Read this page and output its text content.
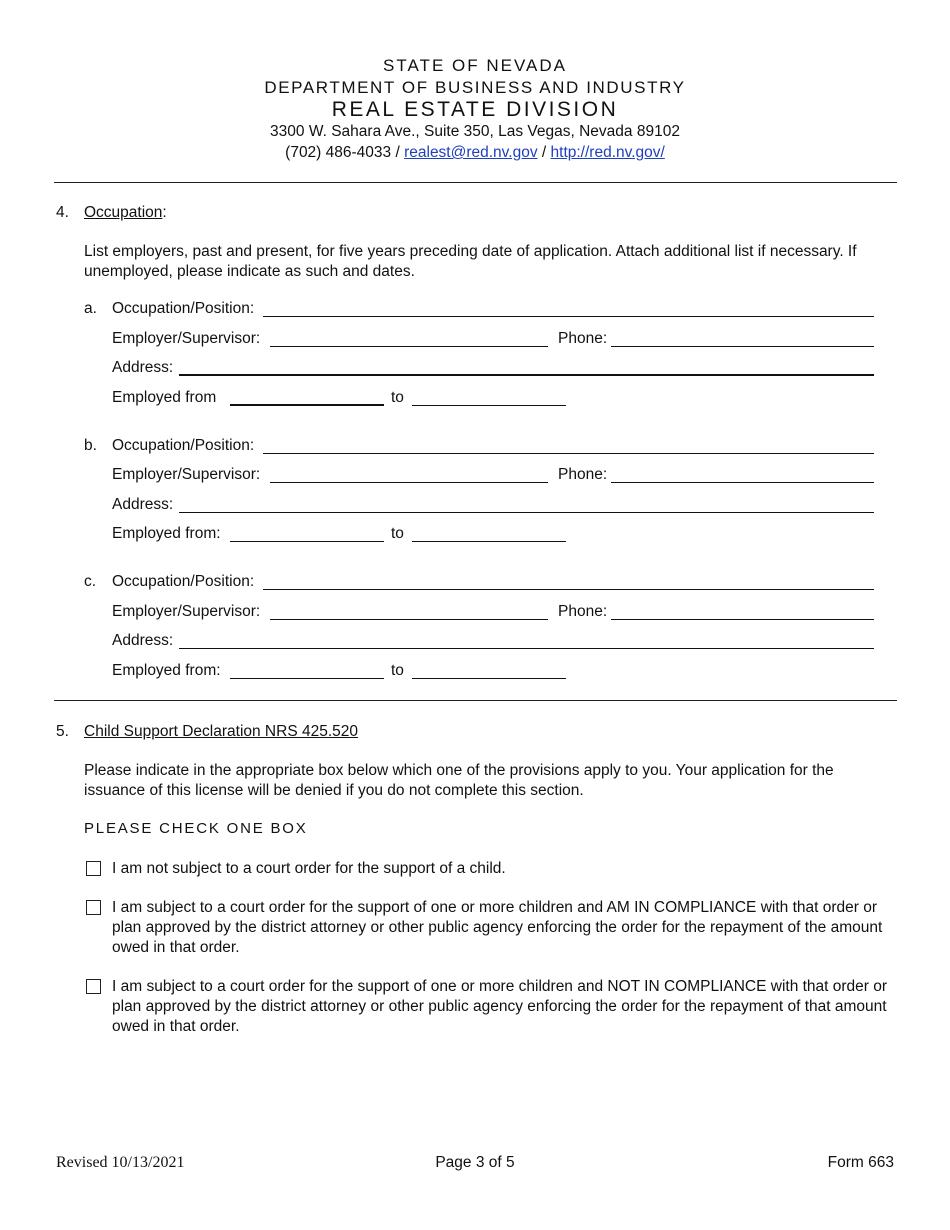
STATE OF NEVADA
DEPARTMENT OF BUSINESS AND INDUSTRY
REAL ESTATE DIVISION
3300 W. Sahara Ave., Suite 350, Las Vegas, Nevada 89102
(702) 486-4033 / realest@red.nv.gov / http://red.nv.gov/
4. Occupation:
List employers, past and present, for five years preceding date of application. Attach additional list if necessary. If unemployed, please indicate as such and dates.
a. Occupation/Position:
Employer/Supervisor:	Phone:
Address:
Employed from	to
b. Occupation/Position:
Employer/Supervisor:	Phone:
Address:
Employed from:	to
c. Occupation/Position:
Employer/Supervisor:	Phone:
Address:
Employed from:	to
5. Child Support Declaration NRS 425.520
Please indicate in the appropriate box below which one of the provisions apply to you. Your application for the issuance of this license will be denied if you do not complete this section.
PLEASE CHECK ONE BOX
I am not subject to a court order for the support of a child.
I am subject to a court order for the support of one or more children and AM IN COMPLIANCE with that order or plan approved by the district attorney or other public agency enforcing the order for the repayment of the amount owed in that order.
I am subject to a court order for the support of one or more children and NOT IN COMPLIANCE with that order or plan approved by the district attorney or other public agency enforcing the order for the repayment of that amount owed in that order.
Revised 10/13/2021	Page 3 of 5	Form 663
